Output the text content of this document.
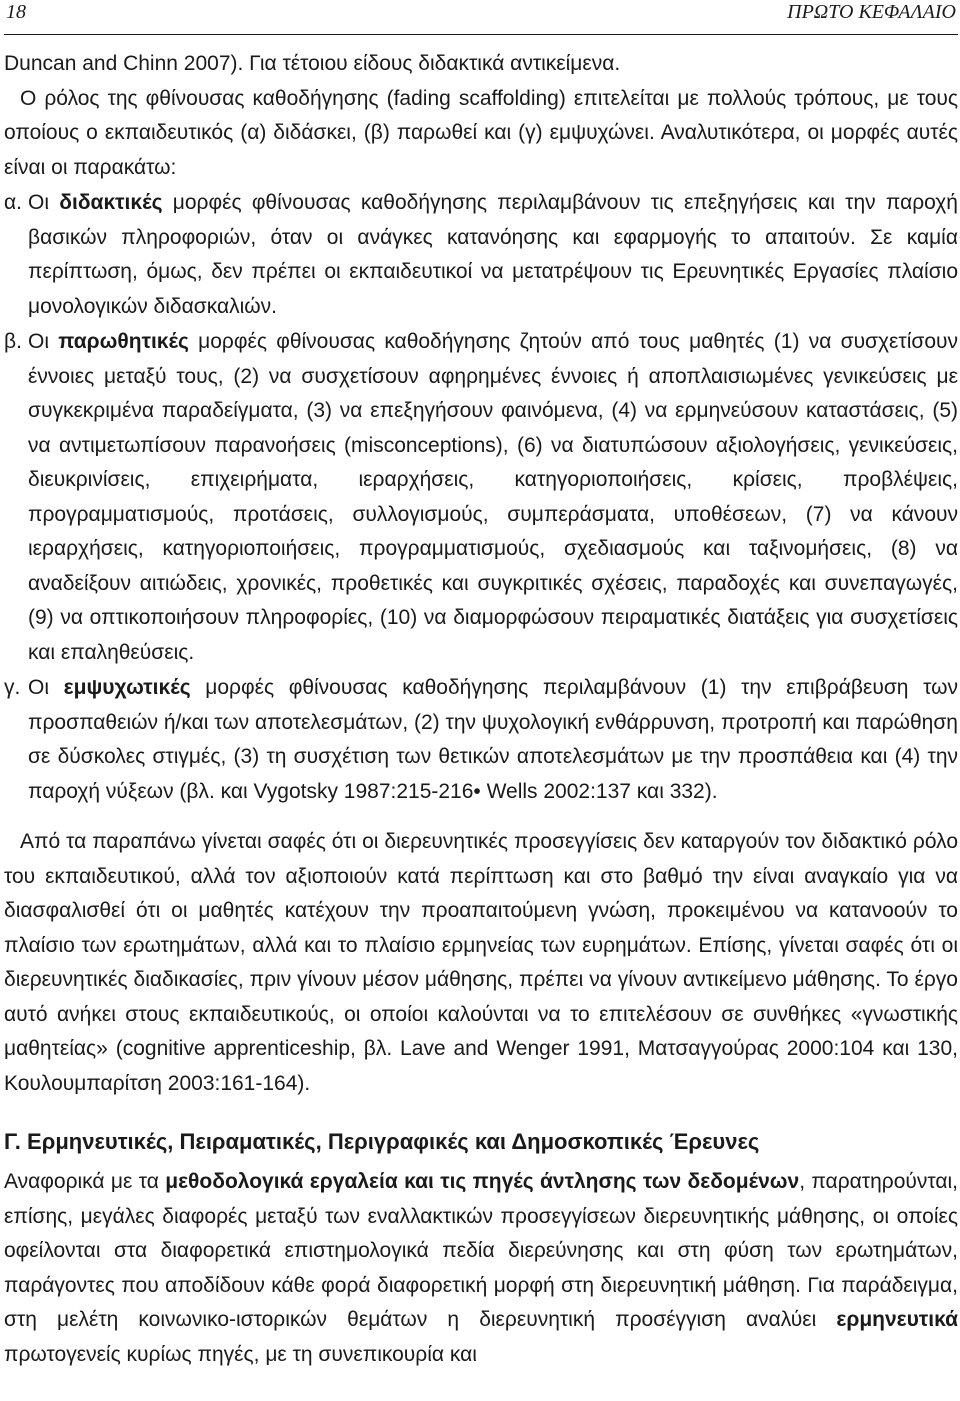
18	ΠΡΩΤΟ ΚΕΦΑΛΑΙΟ

Duncan and Chinn 2007). Για τέτοιου είδους διδακτικά αντικείμενα.

Ο ρόλος της φθίνουσας καθοδήγησης (fading scaffolding) επιτελείται με πολλούς τρόπους, με τους οποίους ο εκπαιδευτικός (α) διδάσκει, (β) παρωθεί και (γ) εμψυχώνει. Αναλυτικότερα, οι μορφές αυτές είναι οι παρακάτω:

α. Οι διδακτικές μορφές φθίνουσας καθοδήγησης περιλαμβάνουν τις επεξηγήσεις και την παροχή βασικών πληροφοριών, όταν οι ανάγκες κατανόησης και εφαρμογής το απαιτούν. Σε καμία περίπτωση, όμως, δεν πρέπει οι εκπαιδευτικοί να μετατρέψουν τις Ερευνητικές Εργασίες πλαίσιο μονολογικών διδασκαλιών.

β. Οι παρωθητικές μορφές φθίνουσας καθοδήγησης ζητούν από τους μαθητές (1) να συσχετίσουν έννοιες μεταξύ τους, (2) να συσχετίσουν αφηρημένες έννοιες ή αποπλαισιωμένες γενικεύσεις με συγκεκριμένα παραδείγματα, (3) να επεξηγήσουν φαινόμενα, (4) να ερμηνεύσουν καταστάσεις, (5) να αντιμετωπίσουν παρανοήσεις (misconceptions), (6) να διατυπώσουν αξιολογήσεις, γενικεύσεις, διευκρινίσεις, επιχειρήματα, ιεραρχήσεις, κατηγοριοποιήσεις, κρίσεις, προβλέψεις, προγραμματισμούς, προτάσεις, συλλογισμούς, συμπεράσματα, υποθέσεων, (7) να κάνουν ιεραρχήσεις, κατηγοριοποιήσεις, προγραμματισμούς, σχεδιασμούς και ταξινομήσεις, (8) να αναδείξουν αιτιώδεις, χρονικές, προθετικές και συγκριτικές σχέσεις, παραδοχές και συνεπαγωγές, (9) να οπτικοποιήσουν πληροφορίες, (10) να διαμορφώσουν πειραματικές διατάξεις για συσχετίσεις και επαληθεύσεις.

γ. Οι εμψυχωτικές μορφές φθίνουσας καθοδήγησης περιλαμβάνουν (1) την επιβράβευση των προσπαθειών ή/και των αποτελεσμάτων, (2) την ψυχολογική ενθάρρυνση, προτροπή και παρώθηση σε δύσκολες στιγμές, (3) τη συσχέτιση των θετικών αποτελεσμάτων με την προσπάθεια και (4) την παροχή νύξεων (βλ. και Vygotsky 1987:215-216• Wells 2002:137 και 332).

Από τα παραπάνω γίνεται σαφές ότι οι διερευνητικές προσεγγίσεις δεν καταργούν τον διδακτικό ρόλο του εκπαιδευτικού, αλλά τον αξιοποιούν κατά περίπτωση και στο βαθμό την είναι αναγκαίο για να διασφαλισθεί ότι οι μαθητές κατέχουν την προαπαιτούμενη γνώση, προκειμένου να κατανοούν το πλαίσιο των ερωτημάτων, αλλά και το πλαίσιο ερμηνείας των ευρημάτων. Επίσης, γίνεται σαφές ότι οι διερευνητικές διαδικασίες, πριν γίνουν μέσον μάθησης, πρέπει να γίνουν αντικείμενο μάθησης. Το έργο αυτό ανήκει στους εκπαιδευτικούς, οι οποίοι καλούνται να το επιτελέσουν σε συνθήκες «γνωστικής μαθητείας» (cognitive apprenticeship, βλ. Lave and Wenger 1991, Ματσαγγούρας 2000:104 και 130, Κουλουμπαρίτση 2003:161-164).

Γ. Ερμηνευτικές, Πειραματικές, Περιγραφικές και Δημοσκοπικές Έρευνες

Αναφορικά με τα μεθοδολογικά εργαλεία και τις πηγές άντλησης των δεδομένων, παρατηρούνται, επίσης, μεγάλες διαφορές μεταξύ των εναλλακτικών προσεγγίσεων διερευνητικής μάθησης, οι οποίες οφείλονται στα διαφορετικά επιστημολογικά πεδία διερεύνησης και στη φύση των ερωτημάτων, παράγοντες που αποδίδουν κάθε φορά διαφορετική μορφή στη διερευνητική μάθηση. Για παράδειγμα, στη μελέτη κοινωνικο-ιστορικών θεμάτων η διερευνητική προσέγγιση αναλύει ερμηνευτικά πρωτογενείς κυρίως πηγές, με τη συνεπικουρία και
